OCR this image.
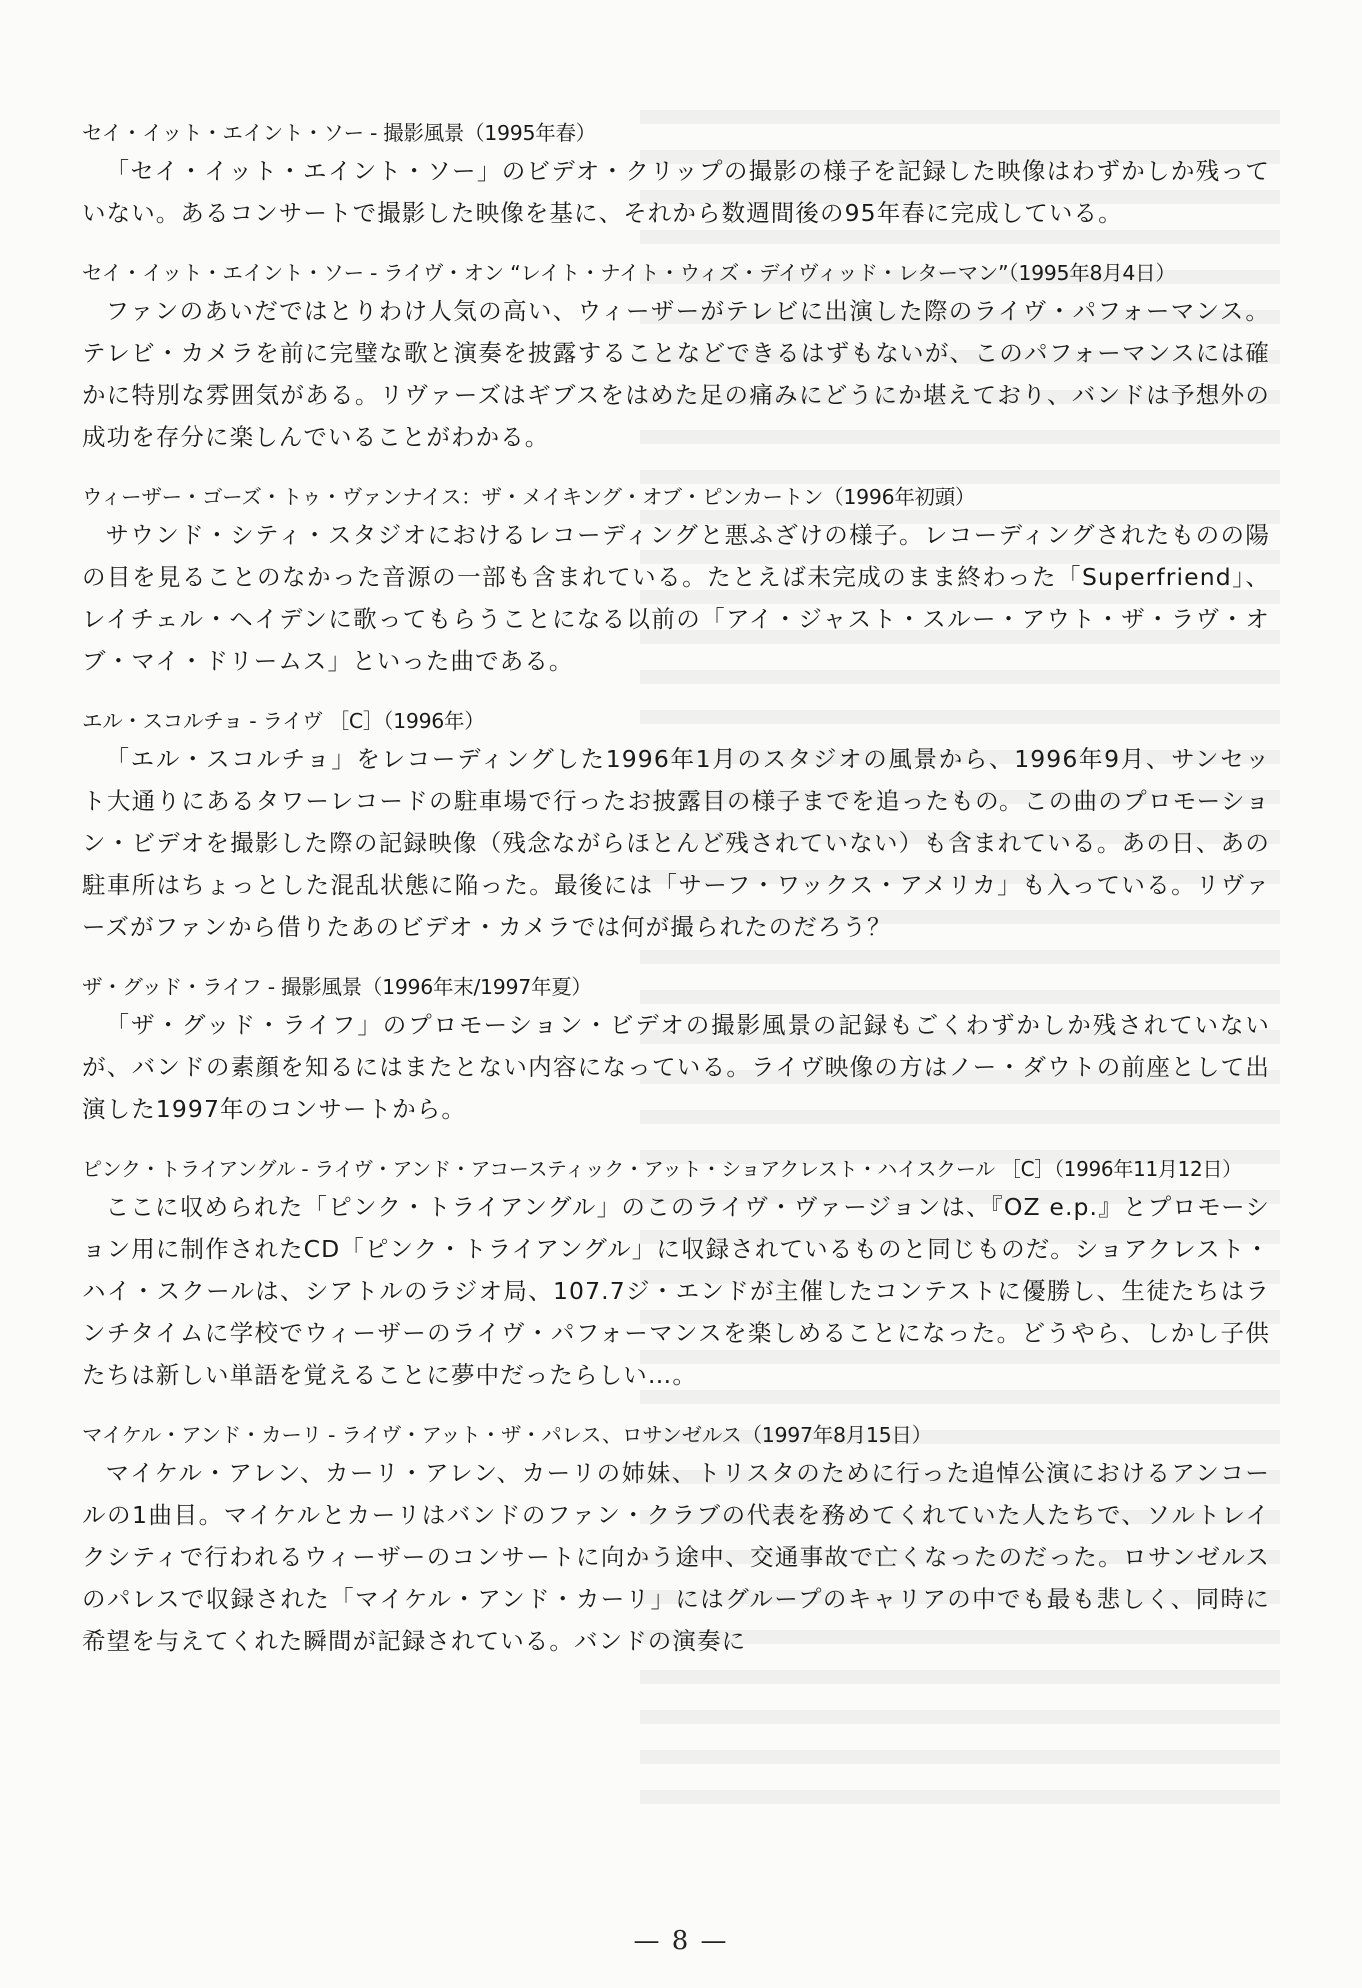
セイ・イット・エイント・ソー - 撮影風景（1995年春）

「セイ・イット・エイント・ソー」のビデオ・クリップの撮影の様子を記録した映像はわずかしか残っていない。あるコンサートで撮影した映像を基に、それから数週間後の95年春に完成している。

セイ・イット・エイント・ソー - ライヴ・オン “レイト・ナイト・ウィズ・デイヴィッド・レターマン”（1995年8月4日）

ファンのあいだではとりわけ人気の高い、ウィーザーがテレビに出演した際のライヴ・パフォーマンス。テレビ・カメラを前に完璧な歌と演奏を披露することなどできるはずもないが、このパフォーマンスには確かに特別な雰囲気がある。リヴァーズはギブスをはめた足の痛みにどうにか堪えており、バンドは予想外の成功を存分に楽しんでいることがわかる。

ウィーザー・ゴーズ・トゥ・ヴァンナイス：ザ・メイキング・オブ・ピンカートン（1996年初頭）

サウンド・シティ・スタジオにおけるレコーディングと悪ふざけの様子。レコーディングされたものの陽の目を見ることのなかった音源の一部も含まれている。たとえば未完成のまま終わった「Superfriend」、レイチェル・ヘイデンに歌ってもらうことになる以前の「アイ・ジャスト・スルー・アウト・ザ・ラヴ・オブ・マイ・ドリームス」といった曲である。

エル・スコルチョ - ライヴ ［C］（1996年）

「エル・スコルチョ」をレコーディングした1996年1月のスタジオの風景から、1996年9月、サンセット大通りにあるタワーレコードの駐車場で行ったお披露目の様子までを追ったもの。この曲のプロモーション・ビデオを撮影した際の記録映像（残念ながらほとんど残されていない）も含まれている。あの日、あの駐車所はちょっとした混乱状態に陥った。最後には「サーフ・ワックス・アメリカ」も入っている。リヴァーズがファンから借りたあのビデオ・カメラでは何が撮られたのだろう？

ザ・グッド・ライフ - 撮影風景（1996年末/1997年夏）

「ザ・グッド・ライフ」のプロモーション・ビデオの撮影風景の記録もごくわずかしか残されていないが、バンドの素顔を知るにはまたとない内容になっている。ライヴ映像の方はノー・ダウトの前座として出演した1997年のコンサートから。

ピンク・トライアングル - ライヴ・アンド・アコースティック・アット・ショアクレスト・ハイスクール ［C］（1996年11月12日）

ここに収められた「ピンク・トライアングル」のこのライヴ・ヴァージョンは、『OZ e.p.』とプロモーション用に制作されたCD「ピンク・トライアングル」に収録されているものと同じものだ。ショアクレスト・ハイ・スクールは、シアトルのラジオ局、107.7ジ・エンドが主催したコンテストに優勝し、生徒たちはランチタイムに学校でウィーザーのライヴ・パフォーマンスを楽しめることになった。どうやら、しかし子供たちは新しい単語を覚えることに夢中だったらしい…。

マイケル・アンド・カーリ - ライヴ・アット・ザ・パレス、ロサンゼルス（1997年8月15日）

マイケル・アレン、カーリ・アレン、カーリの姉妹、トリスタのために行った追悼公演におけるアンコールの1曲目。マイケルとカーリはバンドのファン・クラブの代表を務めてくれていた人たちで、ソルトレイクシティで行われるウィーザーのコンサートに向かう途中、交通事故で亡くなったのだった。ロサンゼルスのパレスで収録された「マイケル・アンド・カーリ」にはグループのキャリアの中でも最も悲しく、同時に希望を与えてくれた瞬間が記録されている。バンドの演奏に

— 8 —
